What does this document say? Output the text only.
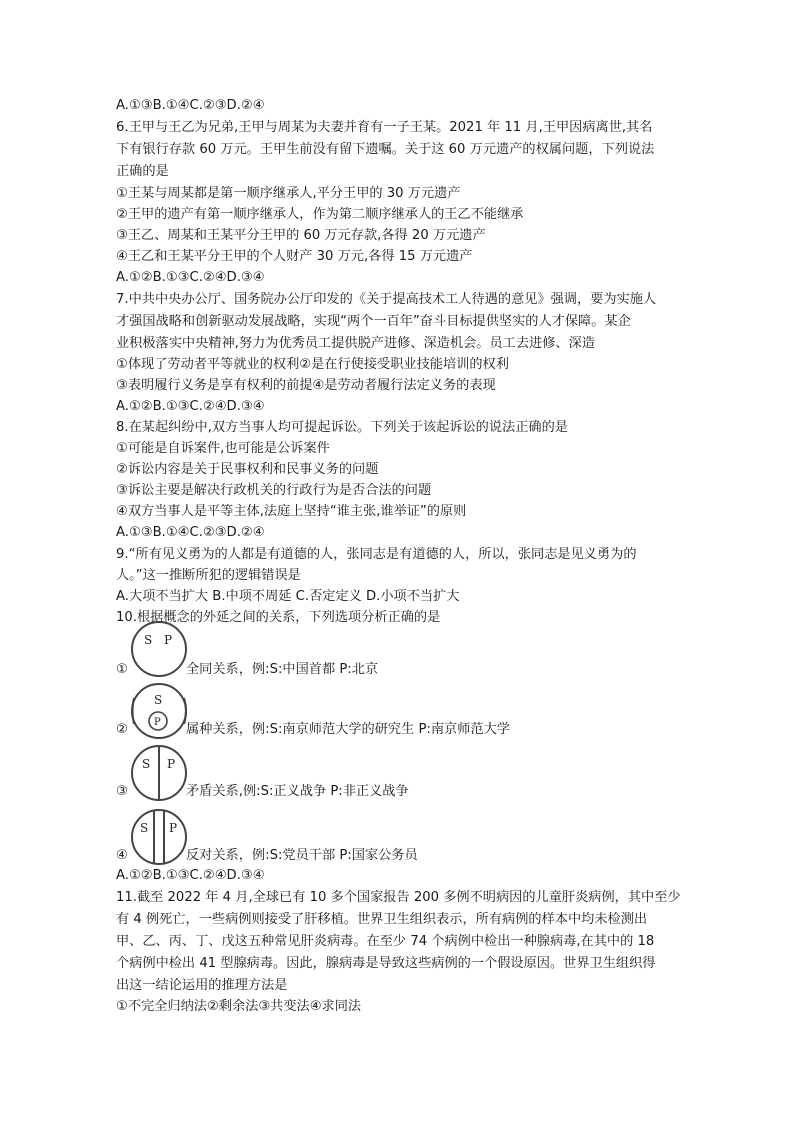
A.①③B.①④C.②③D.②④
6.王甲与王乙为兄弟,王甲与周某为夫妻并育有一子王某。2021 年 11 月,王甲因病离世,其名
下有银行存款 60 万元。王甲生前没有留下遗嘱。关于这 60 万元遗产的权属问题，下列说法
正确的是
①王某与周某都是第一顺序继承人,平分王甲的 30 万元遗产
②王甲的遗产有第一顺序继承人，作为第二顺序继承人的王乙不能继承
③王乙、周某和王某平分王甲的 60 万元存款,各得 20 万元遗产
④王乙和王某平分王甲的个人财产 30 万元,各得 15 万元遗产
A.①②B.①③C.②④D.③④
7.中共中央办公厅、国务院办公厅印发的《关于提高技术工人待遇的意见》强调，要为实施人
才强国战略和创新驱动发展战略，实现“两个一百年”奋斗目标提供坚实的人才保障。某企
业积极落实中央精神,努力为优秀员工提供脱产进修、深造机会。员工去进修、深造
①体现了劳动者平等就业的权利②是在行使接受职业技能培训的权利
③表明履行义务是享有权利的前提④是劳动者履行法定义务的表现
A.①②B.①③C.②④D.③④
8.在某起纠纷中,双方当事人均可提起诉讼。下列关于该起诉讼的说法正确的是
①可能是自诉案件,也可能是公诉案件
②诉讼内容是关于民事权利和民事义务的问题
③诉讼主要是解决行政机关的行政行为是否合法的问题
④双方当事人是平等主体,法庭上坚持“谁主张,谁举证”的原则
A.①③B.①④C.②③D.②④
9.“所有见义勇为的人都是有道德的人，张同志是有道德的人，所以，张同志是见义勇为的
人。”这一推断所犯的逻辑错误是
A.大项不当扩大 B.中项不周延 C.否定定义 D.小项不当扩大
10.根据概念的外延之间的关系，下列选项分析正确的是
①
S P
全同关系，例:S:中国首都 P:北京
②
S
P 属种关系，例:S:南京师范大学的研究生 P:南京师范大学
③
S P
矛盾关系,例:S:正义战争 P:非正义战争
④
S P
反对关系，例:S:党员干部 P:国家公务员
A.①②B.①③C.②④D.③④
11.截至 2022 年 4 月,全球已有 10 多个国家报告 200 多例不明病因的儿童肝炎病例，其中至少
有 4 例死亡，一些病例则接受了肝移植。世界卫生组织表示，所有病例的样本中均未检测出
甲、乙、丙、丁、戊这五种常见肝炎病毒。在至少 74 个病例中检出一种腺病毒,在其中的 18
个病例中检出 41 型腺病毒。因此，腺病毒是导致这些病例的一个假设原因。世界卫生组织得
出这一结论运用的推理方法是
①不完全归纳法②剩余法③共变法④求同法
